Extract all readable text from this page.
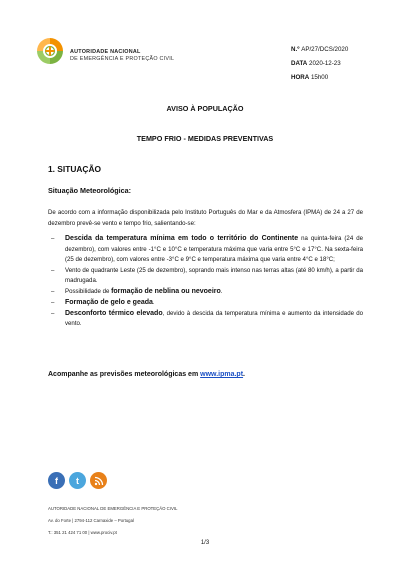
AUTORIDADE NACIONAL
DE EMERGÊNCIA E PROTEÇÃO CIVIL
N.º AP/27/DCS/2020
DATA 2020-12-23
HORA 15h00
AVISO À POPULAÇÃO
TEMPO FRIO - MEDIDAS PREVENTIVAS
1. SITUAÇÃO
Situação Meteorológica:
De acordo com a informação disponibilizada pelo Instituto Português do Mar e da Atmosfera (IPMA) de 24 a 27 de dezembro prevê-se vento e tempo frio, salientando-se:
– Descida da temperatura mínima em todo o território do Continente na quinta-feira (24 de dezembro), com valores entre -1°C e 10°C e temperatura máxima que varia entre 5°C e 17°C. Na sexta-feira (25 de dezembro), com valores entre -3°C e 9°C e temperatura máxima que varia entre 4°C e 18°C;
– Vento de quadrante Leste (25 de dezembro), soprando mais intenso nas terras altas (até 80 km/h), a partir da madrugada.
– Possibilidade de formação de neblina ou nevoeiro.
– Formação de gelo e geada.
– Desconforto térmico elevado, devido à descida da temperatura mínima e aumento da intensidade do vento.
Acompanhe as previsões meteorológicas em www.ipma.pt.
f	t
AUTORIDADE NACIONAL DE EMERGÊNCIA E PROTEÇÃO CIVIL
Av. do Forte | 2794-112 Carnaxide – Portugal
T.: 351 21 424 71 00 | www.prociv.pt
1/3
